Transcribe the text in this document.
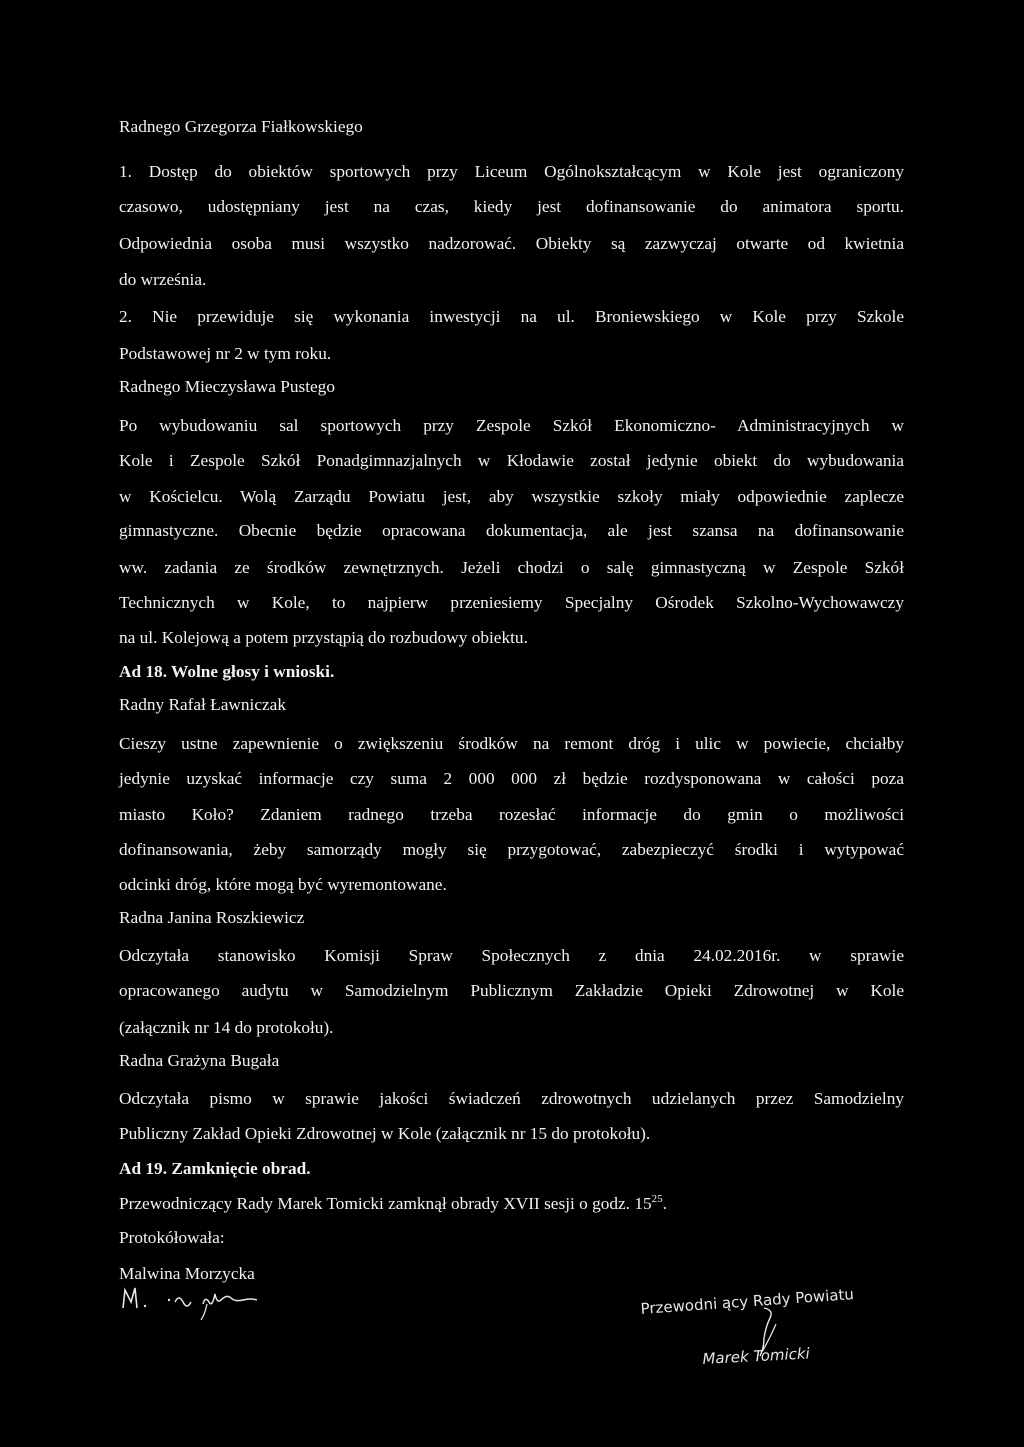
Radnego Grzegorza Fiałkowskiego
1. Dostęp do obiektów sportowych przy Liceum Ogólnokształcącym w Kole jest ograniczony
czasowo, udostępniany jest na czas, kiedy jest dofinansowanie do animatora sportu.
Odpowiednia osoba musi wszystko nadzorować. Obiekty są zazwyczaj otwarte od kwietnia
do września.
2. Nie przewiduje się wykonania inwestycji na ul. Broniewskiego w Kole przy Szkole
Podstawowej nr 2 w tym roku.
Radnego Mieczysława Pustego
Po wybudowaniu sal sportowych przy Zespole Szkół Ekonomiczno- Administracyjnych w
Kole i Zespole Szkół Ponadgimnazjalnych w Kłodawie został jedynie obiekt do wybudowania
w Kościelcu. Wolą Zarządu Powiatu jest, aby wszystkie szkoły miały odpowiednie zaplecze
gimnastyczne. Obecnie będzie opracowana dokumentacja, ale jest szansa na dofinansowanie
ww. zadania ze środków zewnętrznych. Jeżeli chodzi o salę gimnastyczną w Zespole Szkół
Technicznych w Kole, to najpierw przeniesiemy Specjalny Ośrodek Szkolno-Wychowawczy
na ul. Kolejową a potem przystąpią do rozbudowy obiektu.
Ad 18. Wolne głosy i wnioski.
Radny Rafał Ławniczak
Cieszy ustne zapewnienie o zwiększeniu środków na remont dróg i ulic w powiecie, chciałby
jedynie uzyskać informacje czy suma 2 000 000 zł będzie rozdysponowana w całości poza
miasto Koło? Zdaniem radnego trzeba rozesłać informacje do gmin o możliwości
dofinansowania, żeby samorządy mogły się przygotować, zabezpieczyć środki i wytypować
odcinki dróg, które mogą być wyremontowane.
Radna Janina Roszkiewicz
Odczytała stanowisko Komisji Spraw Społecznych z dnia 24.02.2016r. w sprawie
opracowanego audytu w Samodzielnym Publicznym Zakładzie Opieki Zdrowotnej w Kole
(załącznik nr 14 do protokołu).
Radna Grażyna Bugała
Odczytała pismo w sprawie jakości świadczeń zdrowotnych udzielanych przez Samodzielny
Publiczny Zakład Opieki Zdrowotnej w Kole (załącznik nr 15 do protokołu).
Ad 19. Zamknięcie obrad.
Przewodniczący Rady Marek Tomicki zamknął obrady XVII sesji o godz. $15^{25}$.
Protokółowała:
Malwina Morzycka
Przewodni ący Rady Powiatu
Marek Tomicki
